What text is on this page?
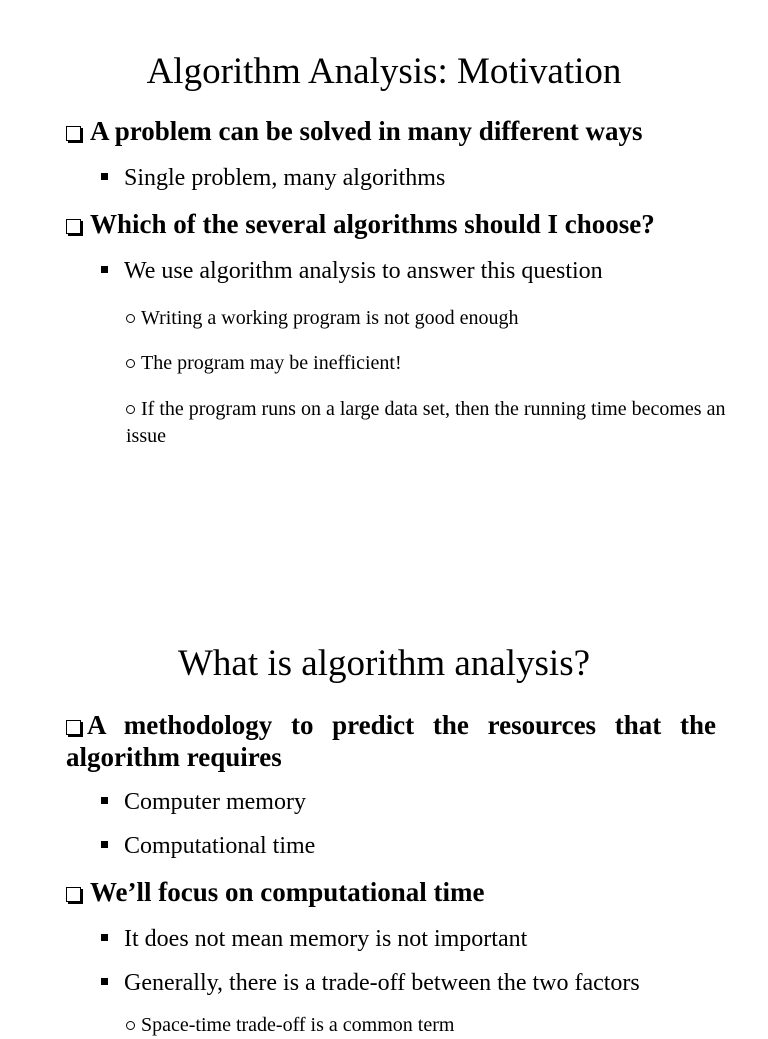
Algorithm Analysis: Motivation
A problem can be solved in many different ways
Single problem, many algorithms
Which of the several algorithms should I choose?
We use algorithm analysis to answer this question
Writing a working program is not good enough
The program may be inefficient!
If the program runs on a large data set, then the running time becomes an issue
What is algorithm analysis?
A methodology to predict the resources that the algorithm requires
Computer memory
Computational time
We’ll focus on computational time
It does not mean memory is not important
Generally, there is a trade-off between the two factors
Space-time trade-off is a common term
